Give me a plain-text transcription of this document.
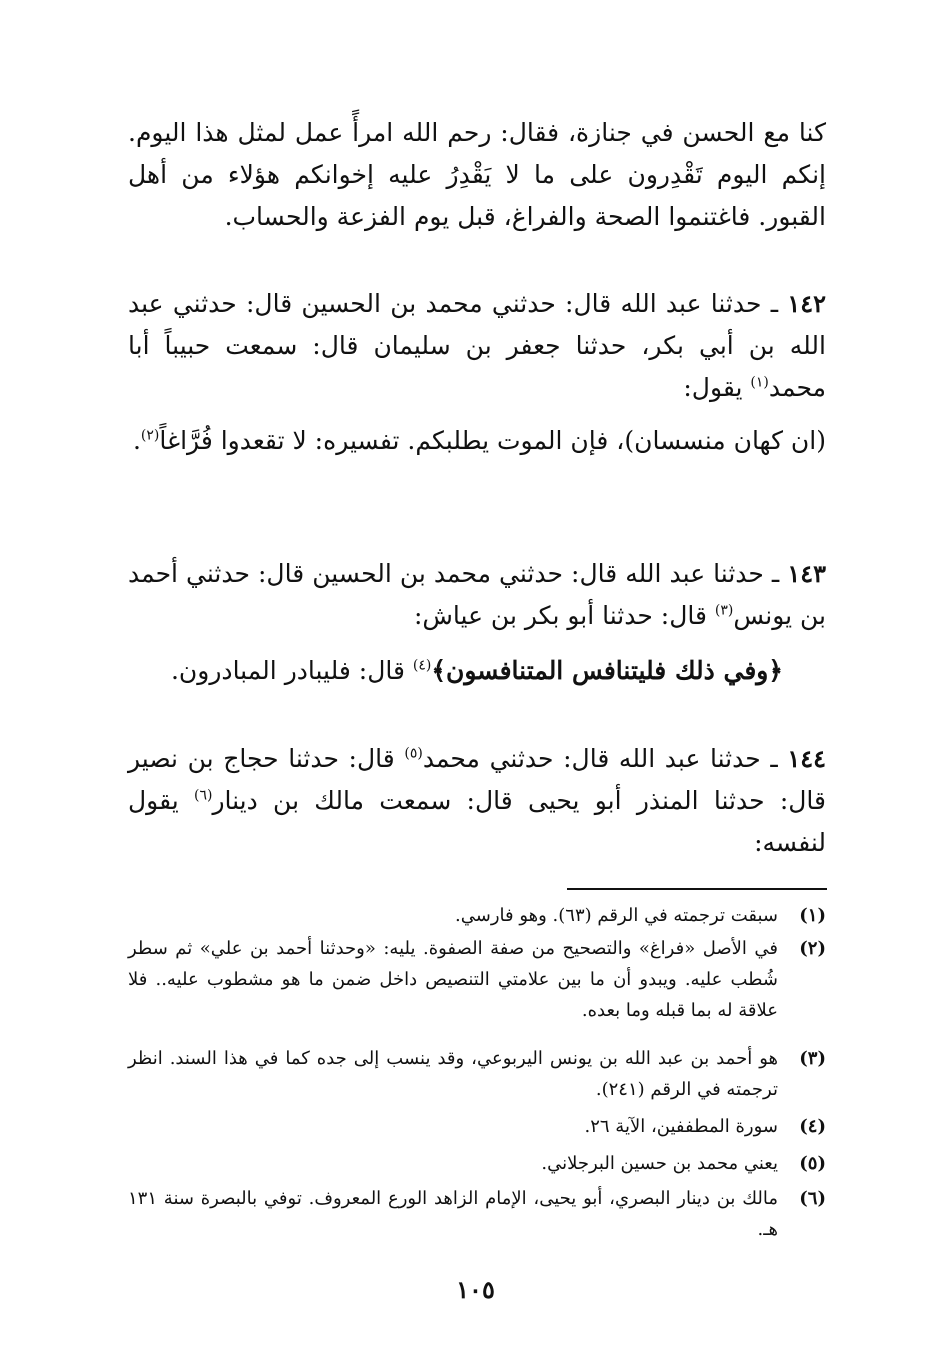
كنا مع الحسن في جنازة، فقال: رحم الله امرأً عمل لمثل هذا اليوم. إنكم اليوم تَقْدِرون على ما لا يَقْدِرُ عليه إخوانكم هؤلاء من أهل القبور. فاغتنموا الصحة والفراغ، قبل يوم الفزعة والحساب.

١٤٢ ـ حدثنا عبد الله قال: حدثني محمد بن الحسين قال: حدثني عبد الله بن أبي بكر، حدثنا جعفر بن سليمان قال: سمعت حبيباً أبا محمد$^{(١)}$ يقول:

(ان كهان منسسان)، فإن الموت يطلبكم. تفسيره: لا تقعدوا فُرَّاغاً$^{(٢)}$.

١٤٣ ـ حدثنا عبد الله قال: حدثني محمد بن الحسين قال: حدثني أحمد بن يونس$^{(٣)}$ قال: حدثنا أبو بكر بن عياش:

﴿وفي ذلك فليتنافس المتنافسون﴾$^{(٤)}$ قال: فليبادر المبادرون.

١٤٤ ـ حدثنا عبد الله قال: حدثني محمد$^{(٥)}$ قال: حدثنا حجاج بن نصير قال: حدثنا المنذر أبو يحيى قال: سمعت مالك بن دينار$^{(٦)}$ يقول لنفسه:

(١)
سبقت ترجمته في الرقم (٦٣). وهو فارسي.
(٢)
في الأصل «فراغ» والتصحيح من صفة الصفوة. يليه: «وحدثنا أحمد بن علي» ثم سطر شُطب عليه. ويبدو أن ما بين علامتي التنصيص داخل ضمن ما هو مشطوب عليه.. فلا علاقة له بما قبله وما بعده.
(٣)
هو أحمد بن عبد الله بن يونس اليربوعي، وقد ينسب إلى جده كما في هذا السند. انظر ترجمته في الرقم (٢٤١).
(٤)
سورة المطففين، الآية ٢٦.
(٥)
يعني محمد بن حسين البرجلاني.
(٦)
مالك بن دينار البصري، أبو يحيى، الإمام الزاهد الورع المعروف. توفي بالبصرة سنة ١٣١ هـ.
١٠٥
